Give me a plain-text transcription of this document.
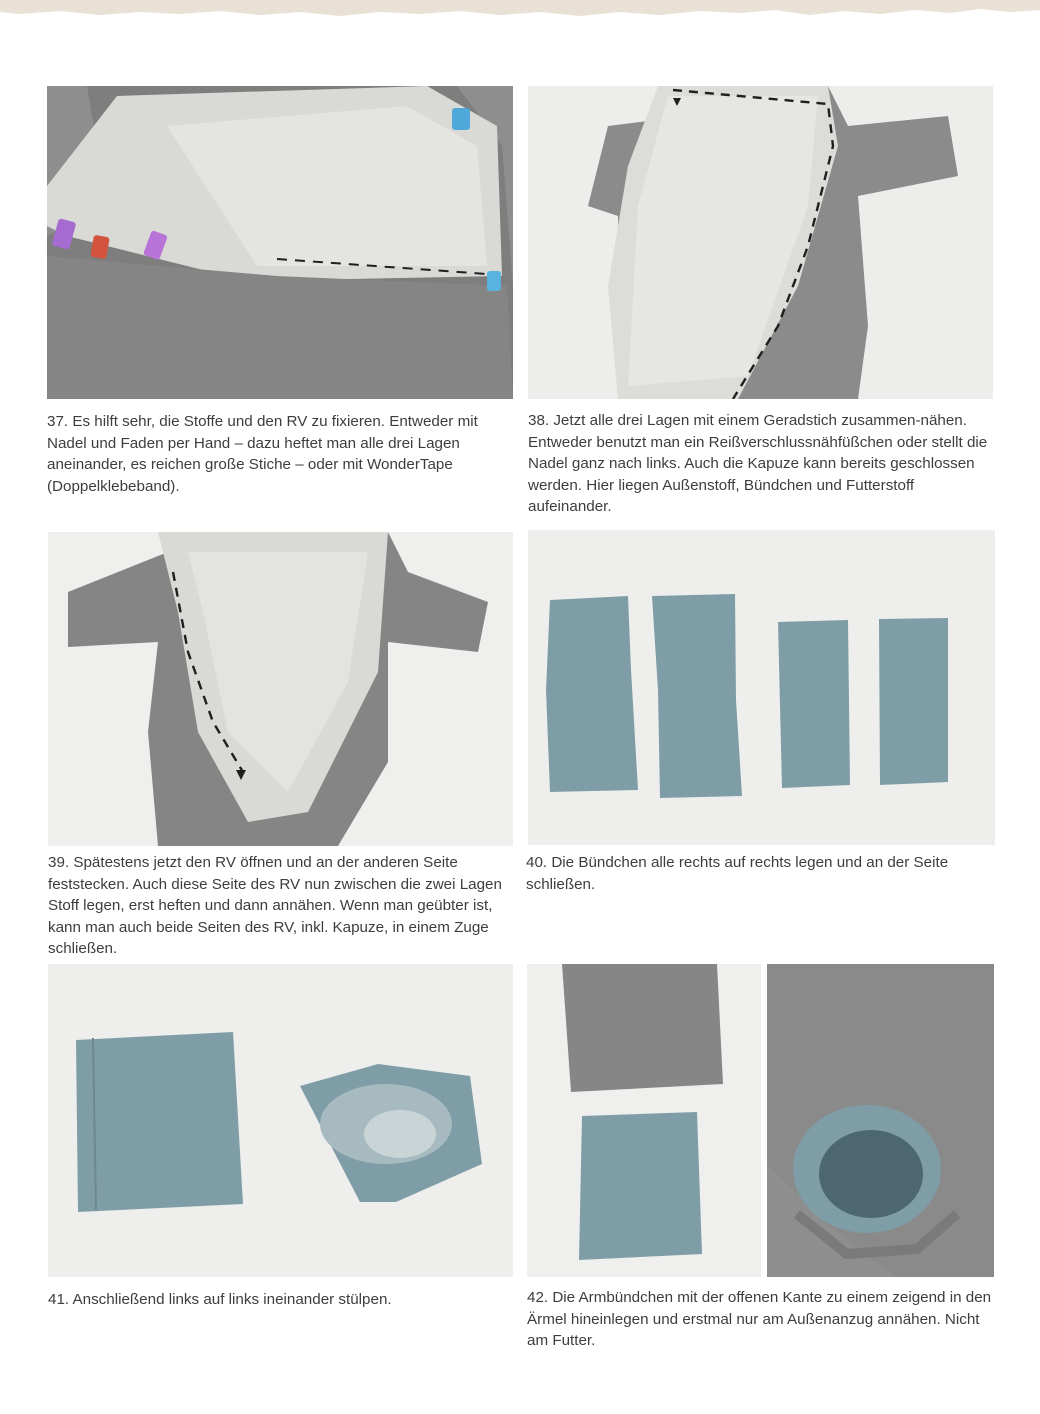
37. Es hilft sehr, die Stoffe und den RV zu fixieren. Entweder mit Nadel und Faden per Hand – dazu heftet man alle drei Lagen aneinander, es reichen große Stiche – oder mit WonderTape (Doppelklebeband).

38. Jetzt alle drei Lagen mit einem Geradstich zusammen-nähen. Entweder benutzt man ein Reißverschlussnähfüßchen oder stellt die Nadel ganz nach links. Auch die Kapuze kann bereits geschlossen werden. Hier liegen Außenstoff, Bündchen und Futterstoff aufeinander.

39. Spätestens jetzt den RV öffnen und an der anderen Seite feststecken. Auch diese Seite des RV nun zwischen die zwei Lagen Stoff legen, erst heften und dann annähen. Wenn man geübter ist, kann man auch beide Seiten des RV, inkl. Kapuze, in einem Zuge schließen.

40. Die Bündchen alle rechts auf rechts legen und an der Seite schließen.

41. Anschließend links auf links ineinander stülpen.	42. Die Armbündchen mit der offenen Kante zu einem zeigend in den Ärmel hineinlegen und erstmal nur am Außenanzug annähen. Nicht am Futter.
